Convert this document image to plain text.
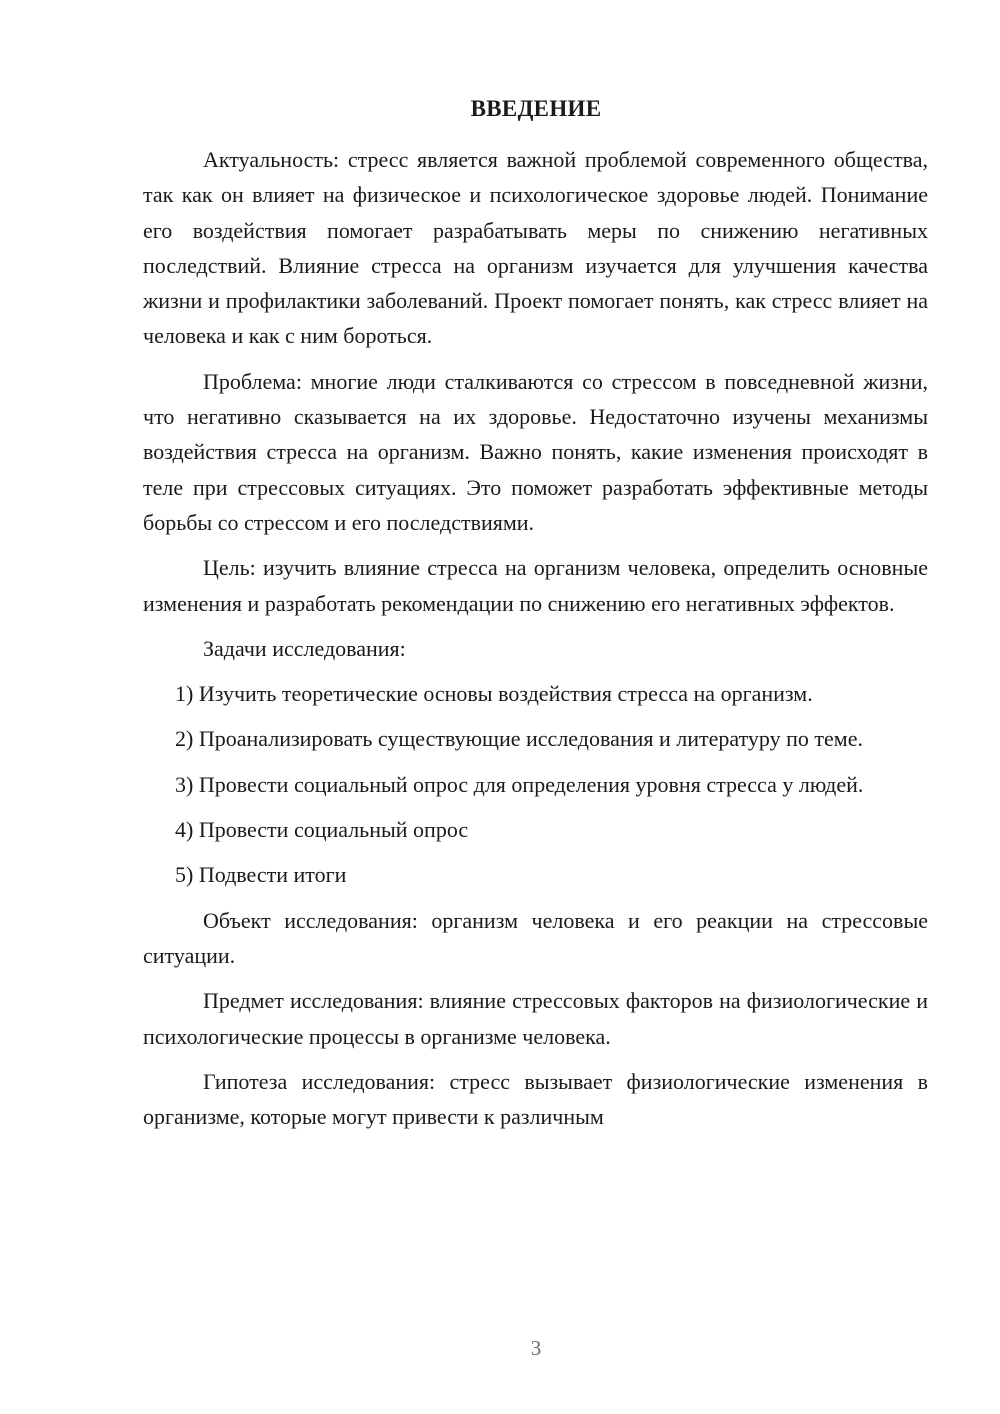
ВВЕДЕНИЕ

Актуальность: стресс является важной проблемой современного общества, так как он влияет на физическое и психологическое здоровье людей. Понимание его воздействия помогает разрабатывать меры по снижению негативных последствий. Влияние стресса на организм изучается для улучшения качества жизни и профилактики заболеваний. Проект помогает понять, как стресс влияет на человека и как с ним бороться.

Проблема: многие люди сталкиваются со стрессом в повседневной жизни, что негативно сказывается на их здоровье. Недостаточно изучены механизмы воздействия стресса на организм. Важно понять, какие изменения происходят в теле при стрессовых ситуациях. Это поможет разработать эффективные методы борьбы со стрессом и его последствиями.

Цель: изучить влияние стресса на организм человека, определить основные изменения и разработать рекомендации по снижению его негативных эффектов.

Задачи исследования:

1) Изучить теоретические основы воздействия стресса на организм.

2) Проанализировать существующие исследования и литературу по теме.

3) Провести социальный опрос для определения уровня стресса у людей.

4) Провести социальный опрос

5) Подвести итоги

Объект исследования: организм человека и его реакции на стрессовые ситуации.

Предмет исследования: влияние стрессовых факторов на физиологические и психологические процессы в организме человека.

Гипотеза исследования: стресс вызывает физиологические изменения в организме, которые могут привести к различным

3
